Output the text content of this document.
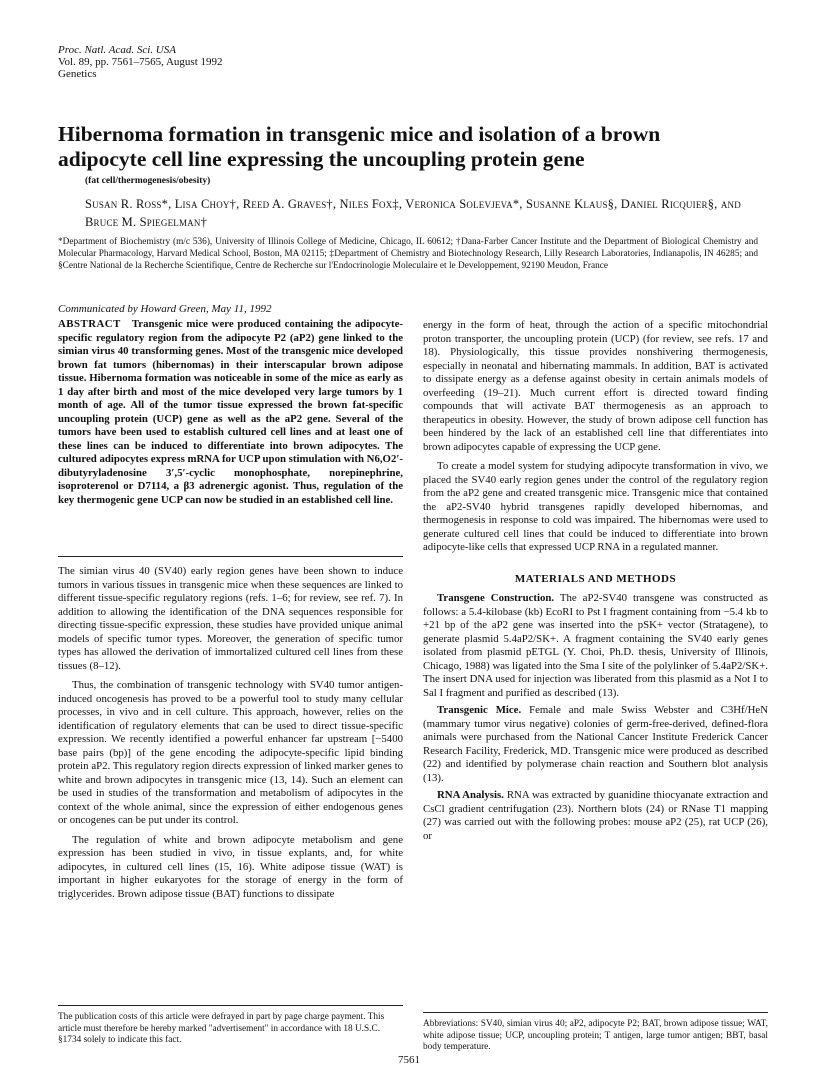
Proc. Natl. Acad. Sci. USA
Vol. 89, pp. 7561–7565, August 1992
Genetics
Hibernoma formation in transgenic mice and isolation of a brown adipocyte cell line expressing the uncoupling protein gene
(fat cell/thermogenesis/obesity)
Susan R. Ross*, Lisa Choy†, Reed A. Graves†, Niles Fox‡, Veronica Solevjeva*, Susanne Klaus§, Daniel Ricquier§, and Bruce M. Spiegelman†
*Department of Biochemistry (m/c 536), University of Illinois College of Medicine, Chicago, IL 60612; †Dana-Farber Cancer Institute and the Department of Biological Chemistry and Molecular Pharmacology, Harvard Medical School, Boston, MA 02115; ‡Department of Chemistry and Biotechnology Research, Lilly Research Laboratories, Indianapolis, IN 46285; and §Centre National de la Recherche Scientifique, Centre de Recherche sur l'Endocrinologie Moleculaire et le Developpement, 92190 Meudon, France
Communicated by Howard Green, May 11, 1992
ABSTRACT Transgenic mice were produced containing the adipocyte-specific regulatory region from the adipocyte P2 (aP2) gene linked to the simian virus 40 transforming genes. Most of the transgenic mice developed brown fat tumors (hibernomas) in their interscapular brown adipose tissue. Hibernoma formation was noticeable in some of the mice as early as 1 day after birth and most of the mice developed very large tumors by 1 month of age. All of the tumor tissue expressed the brown fat-specific uncoupling protein (UCP) gene as well as the aP2 gene. Several of the tumors have been used to establish cultured cell lines and at least one of these lines can be induced to differentiate into brown adipocytes. The cultured adipocytes express mRNA for UCP upon stimulation with N6,O2′-dibutyryladenosine 3′,5′-cyclic monophosphate, norepinephrine, isoproterenol or D7114, a β3 adrenergic agonist. Thus, regulation of the key thermogenic gene UCP can now be studied in an established cell line.

The simian virus 40 (SV40) early region genes have been shown to induce tumors in various tissues in transgenic mice when these sequences are linked to different tissue-specific regulatory regions (refs. 1–6; for review, see ref. 7). In addition to allowing the identification of the DNA sequences responsible for directing tissue-specific expression, these studies have provided unique animal models of specific tumor types. Moreover, the generation of specific tumor types has allowed the derivation of immortalized cultured cell lines from these tissues (8–12).

Thus, the combination of transgenic technology with SV40 tumor antigen-induced oncogenesis has proved to be a powerful tool to study many cellular processes, in vivo and in cell culture. This approach, however, relies on the identification of regulatory elements that can be used to direct tissue-specific expression. We recently identified a powerful enhancer far upstream [−5400 base pairs (bp)] of the gene encoding the adipocyte-specific lipid binding protein aP2. This regulatory region directs expression of linked marker genes to white and brown adipocytes in transgenic mice (13, 14). Such an element can be used in studies of the transformation and metabolism of adipocytes in the context of the whole animal, since the expression of either endogenous genes or oncogenes can be put under its control.

The regulation of white and brown adipocyte metabolism and gene expression has been studied in vivo, in tissue explants, and, for white adipocytes, in cultured cell lines (15, 16). White adipose tissue (WAT) is important in higher eukaryotes for the storage of energy in the form of triglycerides. Brown adipose tissue (BAT) functions to dissipate

energy in the form of heat, through the action of a specific mitochondrial proton transporter, the uncoupling protein (UCP) (for review, see refs. 17 and 18). Physiologically, this tissue provides nonshivering thermogenesis, especially in neonatal and hibernating mammals. In addition, BAT is activated to dissipate energy as a defense against obesity in certain animals models of overfeeding (19–21). Much current effort is directed toward finding compounds that will activate BAT thermogenesis as an approach to therapeutics in obesity. However, the study of brown adipose cell function has been hindered by the lack of an established cell line that differentiates into brown adipocytes capable of expressing the UCP gene.

To create a model system for studying adipocyte transformation in vivo, we placed the SV40 early region genes under the control of the regulatory region from the aP2 gene and created transgenic mice. Transgenic mice that contained the aP2-SV40 hybrid transgenes rapidly developed hibernomas, and thermogenesis in response to cold was impaired. The hibernomas were used to generate cultured cell lines that could be induced to differentiate into brown adipocyte-like cells that expressed UCP RNA in a regulated manner.

MATERIALS AND METHODS

Transgene Construction. The aP2-SV40 transgene was constructed as follows: a 5.4-kilobase (kb) EcoRI to Pst I fragment containing from −5.4 kb to +21 bp of the aP2 gene was inserted into the pSK+ vector (Stratagene), to generate plasmid 5.4aP2/SK+. A fragment containing the SV40 early genes isolated from plasmid pETGL (Y. Choi, Ph.D. thesis, University of Illinois, Chicago, 1988) was ligated into the Sma I site of the polylinker of 5.4aP2/SK+. The insert DNA used for injection was liberated from this plasmid as a Not I to Sal I fragment and purified as described (13).

Transgenic Mice. Female and male Swiss Webster and C3Hf/HeN (mammary tumor virus negative) colonies of germ-free-derived, defined-flora animals were purchased from the National Cancer Institute Frederick Cancer Research Facility, Frederick, MD. Transgenic mice were produced as described (22) and identified by polymerase chain reaction and Southern blot analysis (13).

RNA Analysis. RNA was extracted by guanidine thiocyanate extraction and CsCl gradient centrifugation (23). Northern blots (24) or RNase T1 mapping (27) was carried out with the following probes: mouse aP2 (25), rat UCP (26), or

The publication costs of this article were defrayed in part by page charge payment. This article must therefore be hereby marked "advertisement" in accordance with 18 U.S.C. §1734 solely to indicate this fact.
Abbreviations: SV40, simian virus 40; aP2, adipocyte P2; BAT, brown adipose tissue; WAT, white adipose tissue; UCP, uncoupling protein; T antigen, large tumor antigen; BBT, basal body temperature.
7561
